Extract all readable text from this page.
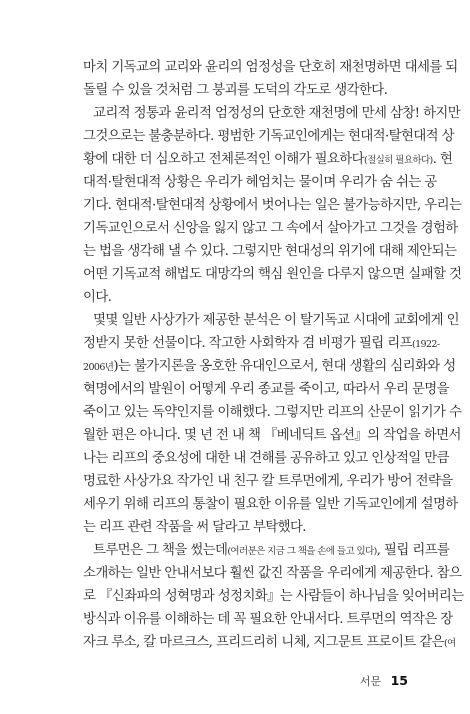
마치 기독교의 교리와 윤리의 엄정성을 단호히 재천명하면 대세를 되
돌릴 수 있을 것처럼 그 붕괴를 도덕의 각도로 생각한다.
교리적 정통과 윤리적 엄정성의 단호한 재천명에 만세 삼창! 하지만
그것으로는 불충분하다. 평범한 기독교인에게는 현대적·탈현대적 상
황에 대한 더 심오하고 전체론적인 이해가 필요하다(절실히 필요하다). 현
대적·탈현대적 상황은 우리가 헤엄치는 물이며 우리가 숨 쉬는 공
기다. 현대적·탈현대적 상황에서 벗어나는 일은 불가능하지만, 우리는
기독교인으로서 신앙을 잃지 않고 그 속에서 살아가고 그것을 경험하
는 법을 생각해 낼 수 있다. 그렇지만 현대성의 위기에 대해 제안되는
어떤 기독교적 해법도 대망각의 핵심 원인을 다루지 않으면 실패할 것
이다.
몇몇 일반 사상가가 제공한 분석은 이 탈기독교 시대에 교회에게 인
정받지 못한 선물이다. 작고한 사회학자 겸 비평가 필립 리프(1922-
2006년)는 불가지론을 옹호한 유대인으로서, 현대 생활의 심리화와 성
혁명에서의 발원이 어떻게 우리 종교를 죽이고, 따라서 우리 문명을
죽이고 있는 독약인지를 이해했다. 그렇지만 리프의 산문이 읽기가 수
월한 편은 아니다. 몇 년 전 내 책 『베네딕트 옵션』의 작업을 하면서
나는 리프의 중요성에 대한 내 견해를 공유하고 있고 인상적일 만큼
명료한 사상가요 작가인 내 친구 칼 트루먼에게, 우리가 방어 전략을
세우기 위해 리프의 통찰이 필요한 이유를 일반 기독교인에게 설명하
는 리프 관련 작품을 써 달라고 부탁했다.
트루먼은 그 책을 썼는데(여러분은 지금 그 책을 손에 들고 있다), 필립 리프를
소개하는 일반 안내서보다 훨씬 값진 작품을 우리에게 제공한다. 참으
로 『신좌파의 성혁명과 성정치화』는 사람들이 하나님을 잊어버리는
방식과 이유를 이해하는 데 꼭 필요한 안내서다. 트루먼의 역작은 장
자크 루소, 칼 마르크스, 프리드리히 니체, 지그문트 프로이트 같은(여
서문 15
